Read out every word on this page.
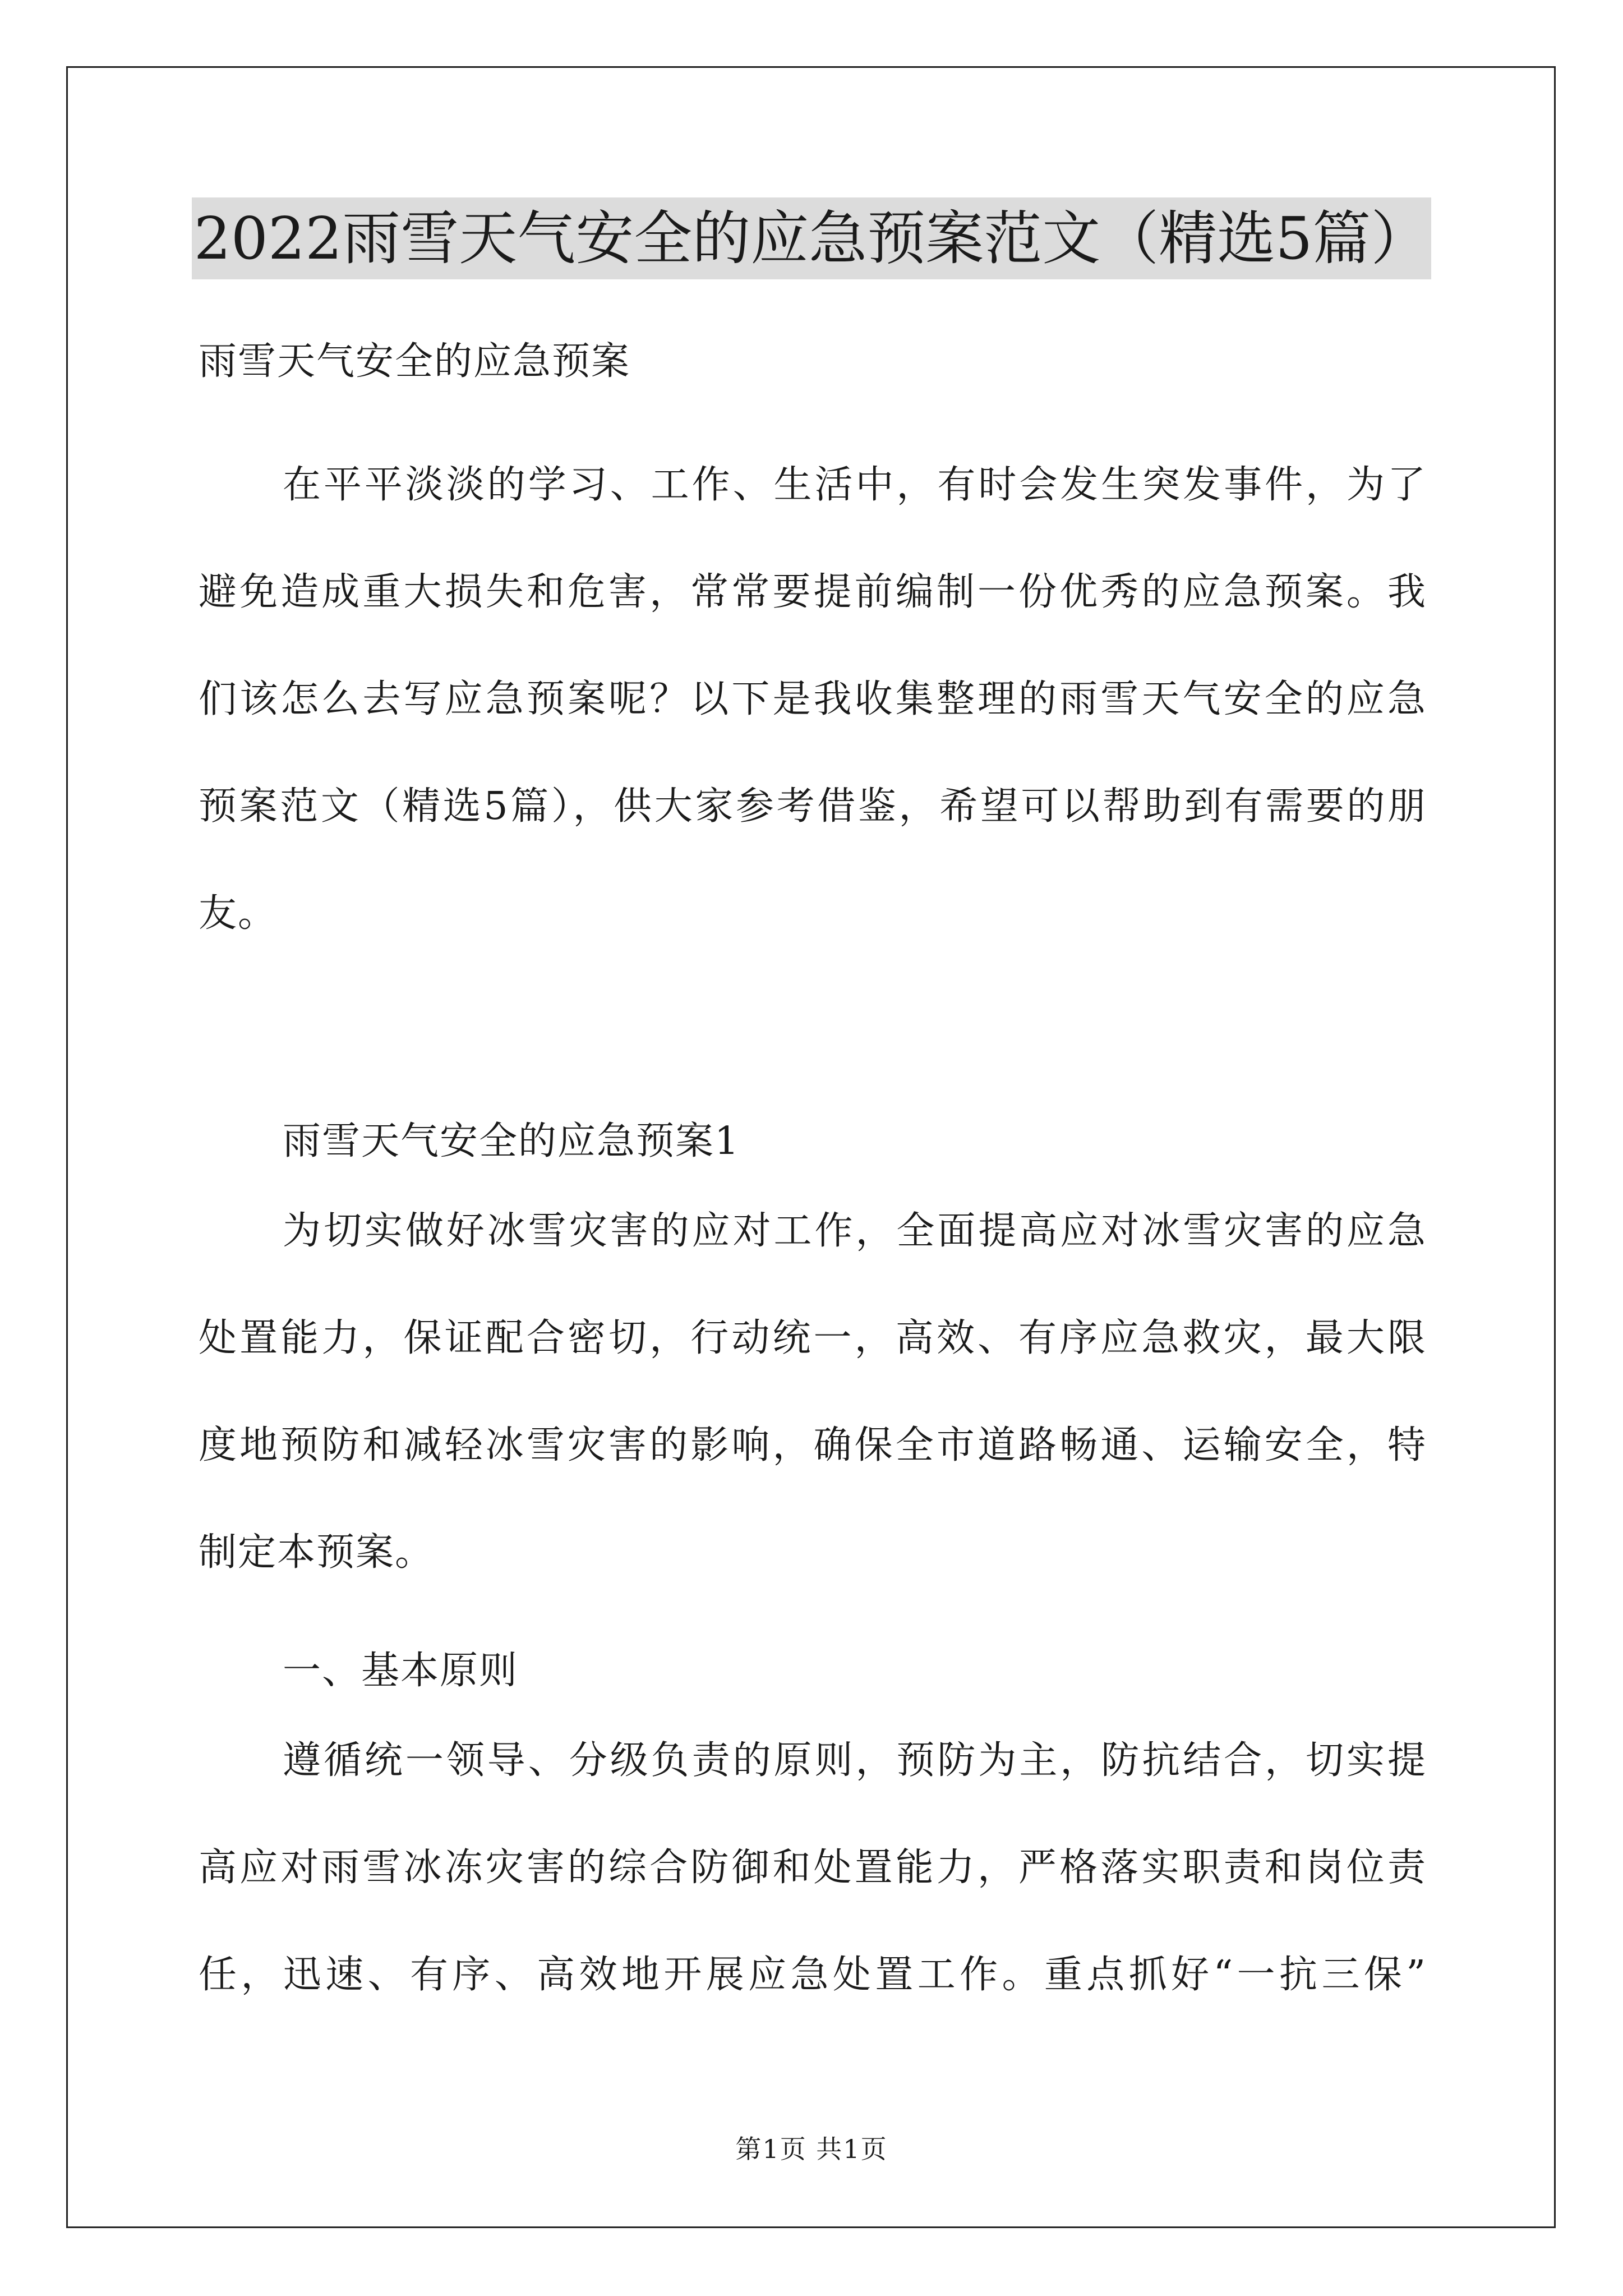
2022雨雪天气安全的应急预案范文（精选5篇）
雨雪天气安全的应急预案
在平平淡淡的学习、工作、生活中，有时会发生突发事件，为了
避免造成重大损失和危害，常常要提前编制一份优秀的应急预案。我
们该怎么去写应急预案呢？以下是我收集整理的雨雪天气安全的应急
预案范文（精选5篇），供大家参考借鉴，希望可以帮助到有需要的朋
友。
雨雪天气安全的应急预案1
为切实做好冰雪灾害的应对工作，全面提高应对冰雪灾害的应急
处置能力，保证配合密切，行动统一，高效、有序应急救灾，最大限
度地预防和减轻冰雪灾害的影响，确保全市道路畅通、运输安全，特
制定本预案。
一、基本原则
遵循统一领导、分级负责的原则，预防为主，防抗结合，切实提
高应对雨雪冰冻灾害的综合防御和处置能力，严格落实职责和岗位责
任，迅速、有序、高效地开展应急处置工作。重点抓好“一抗三保”
第1页 共1页
